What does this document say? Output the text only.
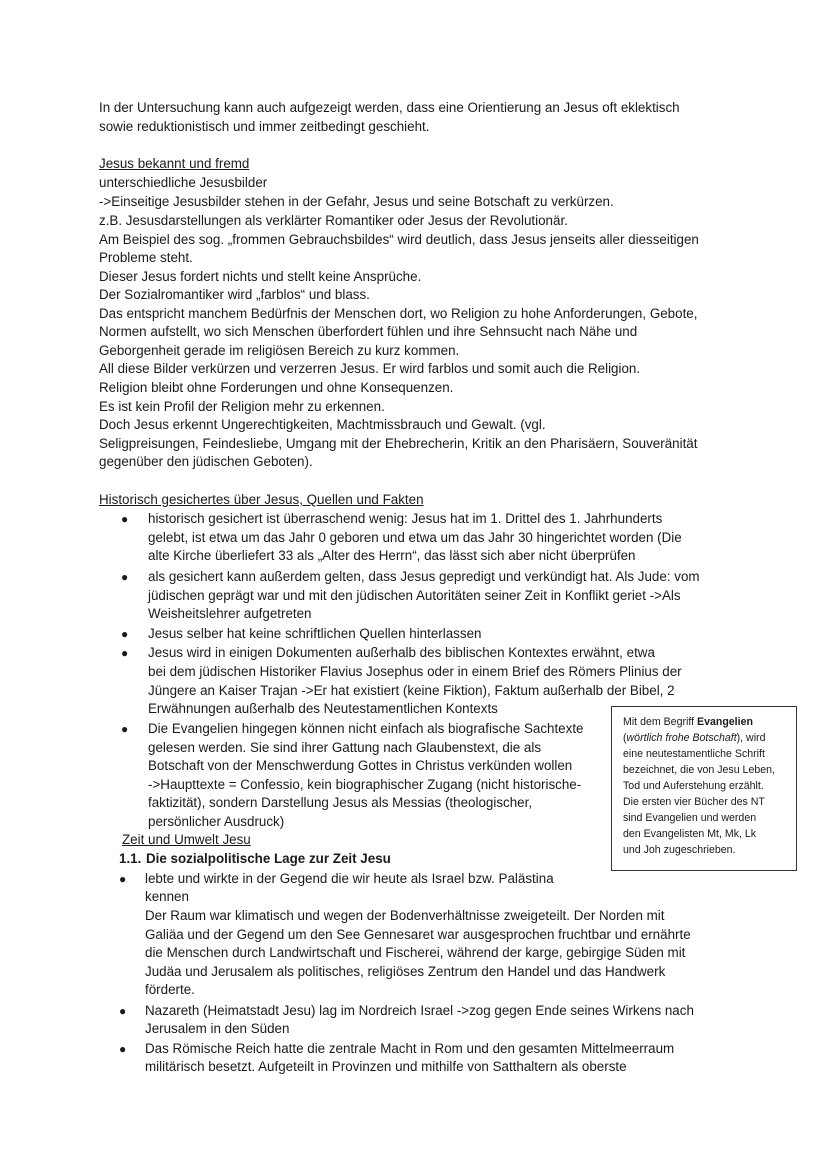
In der Untersuchung kann auch aufgezeigt werden, dass eine Orientierung an Jesus oft eklektisch
sowie reduktionistisch und immer zeitbedingt geschieht.
Jesus bekannt und fremd
unterschiedliche Jesusbilder
->Einseitige Jesusbilder stehen in der Gefahr, Jesus und seine Botschaft zu verkürzen.
z.B. Jesusdarstellungen als verklärter Romantiker oder Jesus der Revolutionär.
Am Beispiel des sog. „frommen Gebrauchsbildes“ wird deutlich, dass Jesus jenseits aller diesseitigen
Probleme steht.
Dieser Jesus fordert nichts und stellt keine Ansprüche.
Der Sozialromantiker wird „farblos“ und blass.
Das entspricht manchem Bedürfnis der Menschen dort, wo Religion zu hohe Anforderungen, Gebote,
Normen aufstellt, wo sich Menschen überfordert fühlen und ihre Sehnsucht nach Nähe und
Geborgenheit gerade im religiösen Bereich zu kurz kommen.
All diese Bilder verkürzen und verzerren Jesus. Er wird farblos und somit auch die Religion.
Religion bleibt ohne Forderungen und ohne Konsequenzen.
Es ist kein Profil der Religion mehr zu erkennen.
Doch Jesus erkennt Ungerechtigkeiten, Machtmissbrauch und Gewalt. (vgl.
Seligpreisungen, Feindesliebe, Umgang mit der Ehebrecherin, Kritik an den Pharisäern, Souveränität
gegenüber den jüdischen Geboten).
Historisch gesichertes über Jesus, Quellen und Fakten
● historisch gesichert ist überraschend wenig: Jesus hat im 1. Drittel des 1. Jahrhunderts
gelebt, ist etwa um das Jahr 0 geboren und etwa um das Jahr 30 hingerichtet worden (Die
alte Kirche überliefert 33 als „Alter des Herrn“, das lässt sich aber nicht überprüfen
● als gesichert kann außerdem gelten, dass Jesus gepredigt und verkündigt hat. Als Jude: vom
jüdischen geprägt war und mit den jüdischen Autoritäten seiner Zeit in Konflikt geriet ->Als
Weisheitslehrer aufgetreten
● Jesus selber hat keine schriftlichen Quellen hinterlassen
● Jesus wird in einigen Dokumenten außerhalb des biblischen Kontextes erwähnt, etwa
bei dem jüdischen Historiker Flavius Josephus oder in einem Brief des Römers Plinius der
Jüngere an Kaiser Trajan ->Er hat existiert (keine Fiktion), Faktum außerhalb der Bibel, 2
Erwähnungen außerhalb des Neutestamentlichen Kontexts
● Die Evangelien hingegen können nicht einfach als biografische Sachtexte
gelesen werden. Sie sind ihrer Gattung nach Glaubenstext, die als
Botschaft von der Menschwerdung Gottes in Christus verkünden wollen
->Haupttexte = Confessio, kein biographischer Zugang (nicht historische-
faktizität), sondern Darstellung Jesus als Messias (theologischer,
persönlicher Ausdruck)
Mit dem Begriff Evangelien
(wörtlich frohe Botschaft), wird
eine neutestamentliche Schrift
bezeichnet, die von Jesu Leben,
Tod und Auferstehung erzählt.
Die ersten vier Bücher des NT
sind Evangelien und werden
den Evangelisten Mt, Mk, Lk
und Joh zugeschrieben.
Zeit und Umwelt Jesu
1.1. Die sozialpolitische Lage zur Zeit Jesu
● lebte und wirkte in der Gegend die wir heute als Israel bzw. Palästina
kennen
Der Raum war klimatisch und wegen der Bodenverhältnisse zweigeteilt. Der Norden mit
Galiäa und der Gegend um den See Gennesaret war ausgesprochen fruchtbar und ernährte
die Menschen durch Landwirtschaft und Fischerei, während der karge, gebirgige Süden mit
Judäa und Jerusalem als politisches, religiöses Zentrum den Handel und das Handwerk
förderte.
● Nazareth (Heimatstadt Jesu) lag im Nordreich Israel ->zog gegen Ende seines Wirkens nach
Jerusalem in den Süden
● Das Römische Reich hatte die zentrale Macht in Rom und den gesamten Mittelmeerraum
militärisch besetzt. Aufgeteilt in Provinzen und mithilfe von Satthaltern als oberste
